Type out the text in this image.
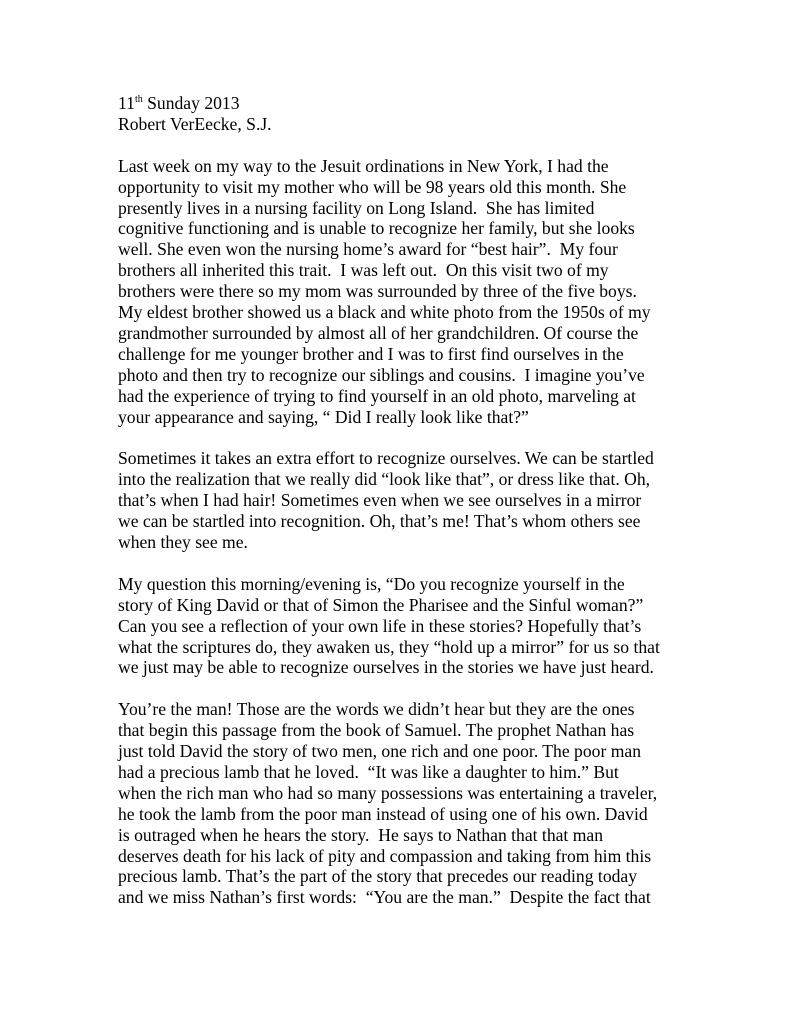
11th Sunday 2013
Robert VerEecke, S.J.
Last week on my way to the Jesuit ordinations in New York, I had the
opportunity to visit my mother who will be 98 years old this month. She
presently lives in a nursing facility on Long Island.  She has limited
cognitive functioning and is unable to recognize her family, but she looks
well. She even won the nursing home’s award for “best hair”.  My four
brothers all inherited this trait.  I was left out.  On this visit two of my
brothers were there so my mom was surrounded by three of the five boys.
My eldest brother showed us a black and white photo from the 1950s of my
grandmother surrounded by almost all of her grandchildren. Of course the
challenge for me younger brother and I was to first find ourselves in the
photo and then try to recognize our siblings and cousins.  I imagine you’ve
had the experience of trying to find yourself in an old photo, marveling at
your appearance and saying, “ Did I really look like that?”
Sometimes it takes an extra effort to recognize ourselves. We can be startled
into the realization that we really did “look like that”, or dress like that. Oh,
that’s when I had hair! Sometimes even when we see ourselves in a mirror
we can be startled into recognition. Oh, that’s me! That’s whom others see
when they see me.
My question this morning/evening is, “Do you recognize yourself in the
story of King David or that of Simon the Pharisee and the Sinful woman?”
Can you see a reflection of your own life in these stories? Hopefully that’s
what the scriptures do, they awaken us, they “hold up a mirror” for us so that
we just may be able to recognize ourselves in the stories we have just heard.
You’re the man! Those are the words we didn’t hear but they are the ones
that begin this passage from the book of Samuel. The prophet Nathan has
just told David the story of two men, one rich and one poor. The poor man
had a precious lamb that he loved.  “It was like a daughter to him.” But
when the rich man who had so many possessions was entertaining a traveler,
he took the lamb from the poor man instead of using one of his own. David
is outraged when he hears the story.  He says to Nathan that that man
deserves death for his lack of pity and compassion and taking from him this
precious lamb. That’s the part of the story that precedes our reading today
and we miss Nathan’s first words:  “You are the man.”  Despite the fact that
